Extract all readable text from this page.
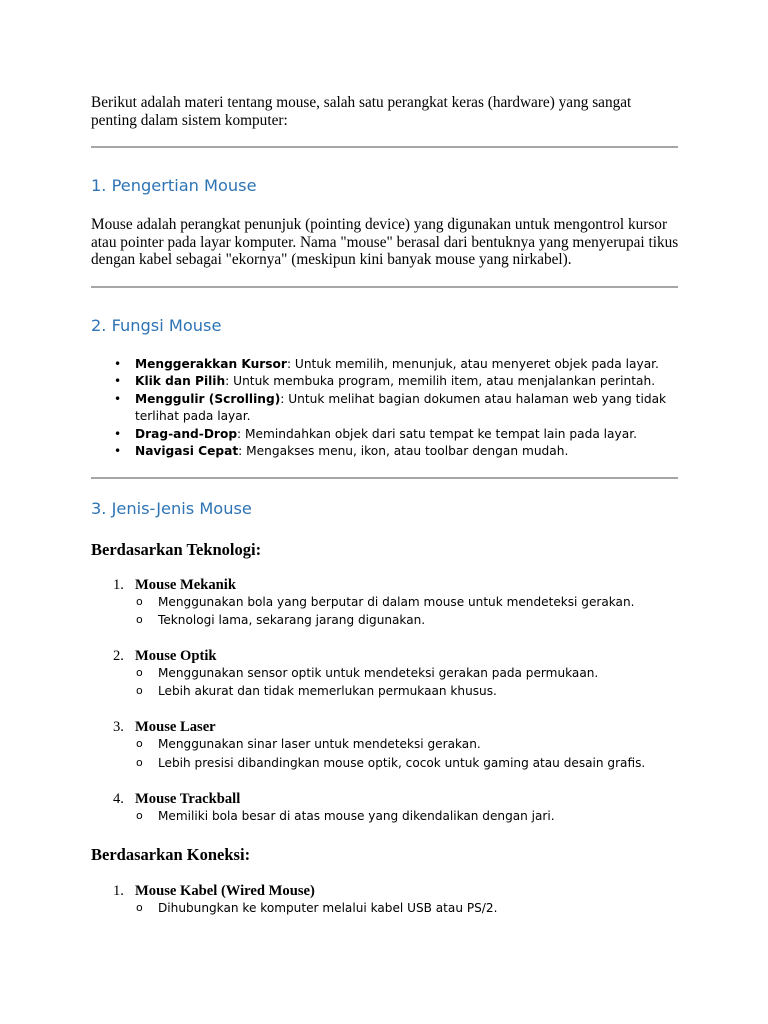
Berikut adalah materi tentang mouse, salah satu perangkat keras (hardware) yang sangat penting dalam sistem komputer:

1. Pengertian Mouse

Mouse adalah perangkat penunjuk (pointing device) yang digunakan untuk mengontrol kursor atau pointer pada layar komputer. Nama "mouse" berasal dari bentuknya yang menyerupai tikus dengan kabel sebagai "ekornya" (meskipun kini banyak mouse yang nirkabel).

2. Fungsi Mouse
• Menggerakkan Kursor: Untuk memilih, menunjuk, atau menyeret objek pada layar.
• Klik dan Pilih: Untuk membuka program, memilih item, atau menjalankan perintah.
• Menggulir (Scrolling): Untuk melihat bagian dokumen atau halaman web yang tidak terlihat pada layar.
• Drag-and-Drop: Memindahkan objek dari satu tempat ke tempat lain pada layar.
• Navigasi Cepat: Mengakses menu, ikon, atau toolbar dengan mudah.
3. Jenis-Jenis Mouse
Berdasarkan Teknologi:
1. Mouse Mekanik
o Menggunakan bola yang berputar di dalam mouse untuk mendeteksi gerakan.
o Teknologi lama, sekarang jarang digunakan.
2. Mouse Optik
o Menggunakan sensor optik untuk mendeteksi gerakan pada permukaan.
o Lebih akurat dan tidak memerlukan permukaan khusus.
3. Mouse Laser
o Menggunakan sinar laser untuk mendeteksi gerakan.
o Lebih presisi dibandingkan mouse optik, cocok untuk gaming atau desain grafis.
4. Mouse Trackball
o Memiliki bola besar di atas mouse yang dikendalikan dengan jari.
Berdasarkan Koneksi:
1. Mouse Kabel (Wired Mouse)
o Dihubungkan ke komputer melalui kabel USB atau PS/2.
